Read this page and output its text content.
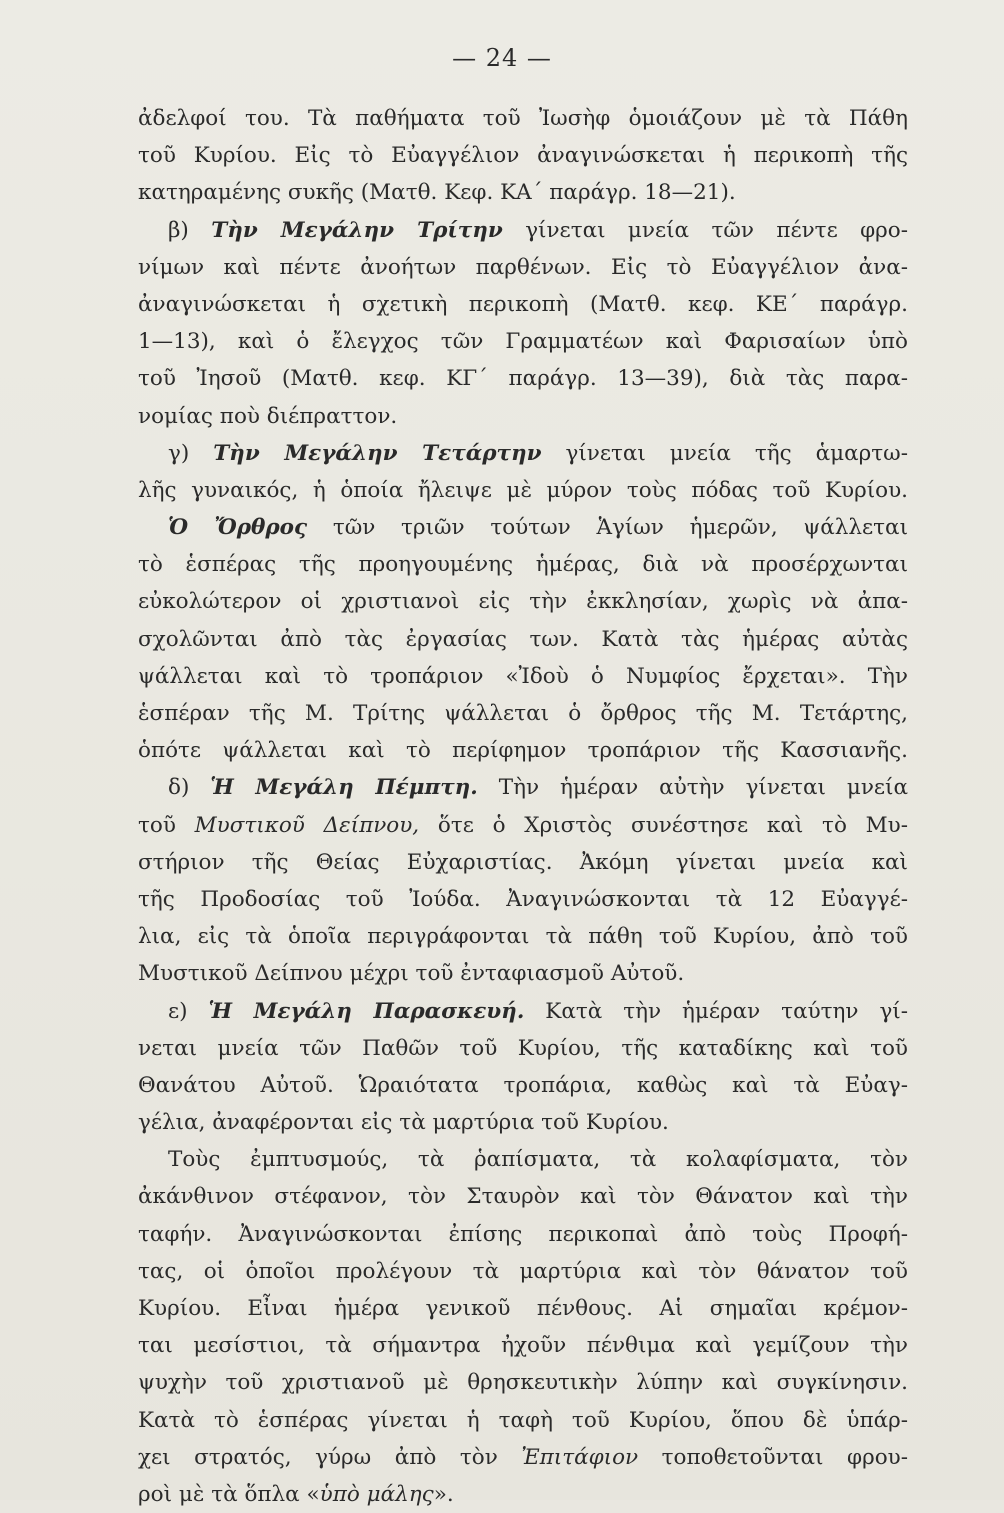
— 24 —
ἀδελφοί του. Τὰ παθήματα τοῦ Ἰωσὴφ ὁμοιάζουν μὲ τὰ Πάθη
τοῦ Κυρίου. Εἰς τὸ Εὐαγγέλιον ἀναγινώσκεται ἡ περικοπὴ τῆς
κατηραμένης συκῆς (Ματθ. Κεφ. ΚΑ΄ παράγρ. 18—21).
β) Τὴν Μεγάλην Τρίτην γίνεται μνεία τῶν πέντε φρο-
νίμων καὶ πέντε ἀνοήτων παρθένων. Εἰς τὸ Εὐαγγέλιον ἀνα-
ἀναγινώσκεται ἡ σχετικὴ περικοπὴ (Ματθ. κεφ. ΚΕ΄ παράγρ.
1—13), καὶ ὁ ἔλεγχος τῶν Γραμματέων καὶ Φαρισαίων ὑπὸ
τοῦ Ἰησοῦ (Ματθ. κεφ. ΚΓ΄ παράγρ. 13—39), διὰ τὰς παρα-
νομίας ποὺ διέπραττον.
γ) Τὴν Μεγάλην Τετάρτην γίνεται μνεία τῆς ἁμαρτω-
λῆς γυναικός, ἡ ὁποία ἤλειψε μὲ μύρον τοὺς πόδας τοῦ Κυρίου.
Ὁ Ὄρθρος τῶν τριῶν τούτων Ἁγίων ἡμερῶν, ψάλλεται
τὸ ἑσπέρας τῆς προηγουμένης ἡμέρας, διὰ νὰ προσέρχωνται
εὐκολώτερον οἱ χριστιανοὶ εἰς τὴν ἐκκλησίαν, χωρὶς νὰ ἀπα-
σχολῶνται ἀπὸ τὰς ἐργασίας των. Κατὰ τὰς ἡμέρας αὐτὰς
ψάλλεται καὶ τὸ τροπάριον «Ἰδοὺ ὁ Νυμφίος ἔρχεται». Τὴν
ἑσπέραν τῆς Μ. Τρίτης ψάλλεται ὁ ὄρθρος τῆς Μ. Τετάρτης,
ὁπότε ψάλλεται καὶ τὸ περίφημον τροπάριον τῆς Κασσιανῆς.
δ) Ἡ Μεγάλη Πέμπτη. Τὴν ἡμέραν αὐτὴν γίνεται μνεία
τοῦ Μυστικοῦ Δείπνου, ὅτε ὁ Χριστὸς συνέστησε καὶ τὸ Μυ-
στήριον τῆς Θείας Εὐχαριστίας. Ἀκόμη γίνεται μνεία καὶ
τῆς Προδοσίας τοῦ Ἰούδα. Ἀναγινώσκονται τὰ 12 Εὐαγγέ-
λια, εἰς τὰ ὁποῖα περιγράφονται τὰ πάθη τοῦ Κυρίου, ἀπὸ τοῦ
Μυστικοῦ Δείπνου μέχρι τοῦ ἐνταφιασμοῦ Αὐτοῦ.
ε) Ἡ Μεγάλη Παρασκευή. Κατὰ τὴν ἡμέραν ταύτην γί-
νεται μνεία τῶν Παθῶν τοῦ Κυρίου, τῆς καταδίκης καὶ τοῦ
Θανάτου Αὐτοῦ. Ὡραιότατα τροπάρια, καθὼς καὶ τὰ Εὐαγ-
γέλια, ἀναφέρονται εἰς τὰ μαρτύρια τοῦ Κυρίου.
Τοὺς ἐμπτυσμούς, τὰ ῥαπίσματα, τὰ κολαφίσματα, τὸν
ἀκάνθινον στέφανον, τὸν Σταυρὸν καὶ τὸν Θάνατον καὶ τὴν
ταφήν. Ἀναγινώσκονται ἐπίσης περικοπαὶ ἀπὸ τοὺς Προφή-
τας, οἱ ὁποῖοι προλέγουν τὰ μαρτύρια καὶ τὸν θάνατον τοῦ
Κυρίου. Εἶναι ἡμέρα γενικοῦ πένθους. Αἱ σημαῖαι κρέμον-
ται μεσίστιοι, τὰ σήμαντρα ἠχοῦν πένθιμα καὶ γεμίζουν τὴν
ψυχὴν τοῦ χριστιανοῦ μὲ θρησκευτικὴν λύπην καὶ συγκίνησιν.
Κατὰ τὸ ἑσπέρας γίνεται ἡ ταφὴ τοῦ Κυρίου, ὅπου δὲ ὑπάρ-
χει στρατός, γύρω ἀπὸ τὸν Ἐπιτάφιον τοποθετοῦνται φρου-
ροὶ μὲ τὰ ὅπλα «ὑπὸ μάλης».
